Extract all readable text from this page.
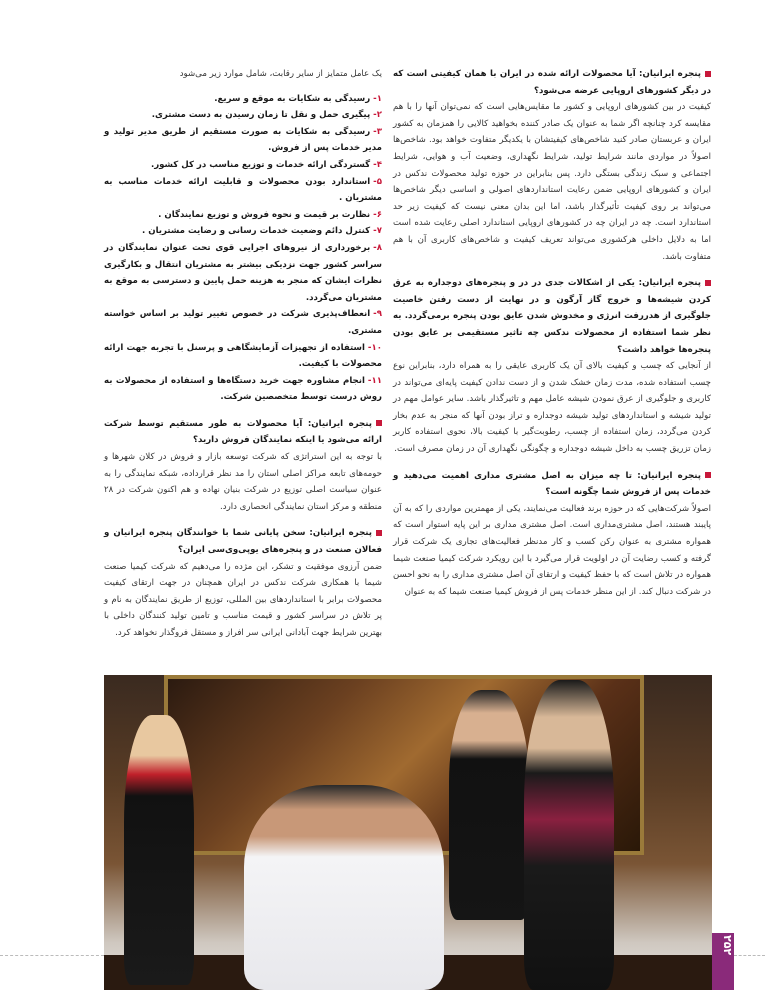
پنجره ایرانیان: آیا محصولات ارائه شده در ایران با همان کیفیتی است که در دیگر کشورهای اروپایی عرضه می‌شود؟

کیفیت در بین کشورهای اروپایی و کشور ما مقایس‌هایی است که نمی‌توان آنها را با هم مقایسه کرد چنانچه اگر شما به عنوان یک صادر کننده بخواهید کالایی را همزمان به کشور ایران و عربستان صادر کنید شاخص‌های کیفیتشان با یکدیگر متفاوت خواهد بود. شاخص‌ها اصولاً در مواردی مانند شرایط تولید، شرایط نگهداری، وضعیت آب و هوایی، شرایط اجتماعی و سبک زندگی بستگی دارد. پس بنابراین در حوزه تولید محصولات ندکس در ایران و کشورهای اروپایی ضمن رعایت استانداردهای اصولی و اساسی دیگر شاخص‌ها می‌تواند بر روی کیفیت تأثیرگذار باشد، اما این بدان معنی نیست که کیفیت زیر حد استاندارد است. چه در ایران چه در کشورهای اروپایی استاندارد اصلی رعایت شده است اما به دلایل داخلی هرکشوری می‌تواند تعریف کیفیت و شاخص‌های کاربری آن با هم متفاوت باشد.

پنجره ایرانیان: یکی از اشکالات جدی در در و پنجره‌های دوجداره به عرق کردن شیشه‌ها و خروج گاز آرگون و در نهایت از دست رفتن خاصیت جلوگیری از هدررفت انرژی و مخدوش شدن عایق بودن پنجره برمی‌گردد. به نظر شما استفاده از محصولات ندکس چه تاثیر مستقیمی بر عایق بودن پنجره‌ها خواهد داشت؟

از آنجایی که چسب و کیفیت بالای آن یک کاربری عایقی را به همراه دارد، بنابراین نوع چسب استفاده شده، مدت زمان خشک شدن و از دست ندادن کیفیت پایه‌ای می‌تواند در کاربری و جلوگیری از عرق نمودن شیشه عامل مهم و تاثیرگذار باشد. سایر عوامل مهم در تولید شیشه و استانداردهای تولید شیشه دوجداره و تراز بودن آنها که منجر به عدم بخار کردن می‌گردد، زمان استفاده از چسب، رطوبت‌گیر با کیفیت بالا، نحوی استفاده کاربر زمان تزریق چسب به داخل شیشه دوجداره و چگونگی نگهداری آن در زمان مصرف است.

پنجره ایرانیان: تا چه میزان به اصل مشتری مداری اهمیت می‌دهید و خدمات پس از فروش شما چگونه است؟

اصولاً شرکت‌هایی که در حوزه برند فعالیت می‌نمایند، یکی از مهمترین مواردی را که به آن پایبند هستند، اصل مشتری‌مداری است. اصل مشتری مداری بر این پایه استوار است که همواره مشتری به عنوان رکن کسب و کار مدنظر فعالیت‌های تجاری یک شرکت قرار گرفته و کسب رضایت آن در اولویت قرار می‌گیرد با این رویکرد شرکت کیمیا صنعت شیما همواره در تلاش است که با حفظ کیفیت و ارتقای آن اصل مشتری مداری را به نحو احسن در شرکت دنبال کند. از این منظر خدمات پس از فروش کیمیا صنعت شیما که به عنوان

یک عامل متمایز از سایر رقابت، شامل موارد زیر می‌شود

۱-رسیدگی به شکایات به موقع و سریع.
۲-پیگیری حمل و نقل تا زمان رسیدن به دست مشتری.
۳-رسیدگی به شکایات به صورت مستقیم از طریق مدیر تولید و مدیر خدمات پس از فروش.
۴-گستردگی ارائه خدمات و توزیع مناسب در کل کشور.
۵-استاندارد بودن محصولات و قابلیت ارائه خدمات مناسب به مشتریان .
۶-نظارت بر قیمت و نحوه فروش و توزیع نمایندگان .
۷-کنترل دائم وضعیت خدمات رسانی و رضایت مشتریان .
۸-برخورداری از نیروهای اجرایی قوی تحت عنوان نمایندگان در سراسر کشور جهت نزدیکی بیشتر به مشتریان انتقال و بکارگیری نظرات ایشان که منجر به هزینه حمل پایین و دسترسی به موقع به مشتریان می‌گردد.
۹-انعطاف‌پذیری شرکت در خصوص تغییر تولید بر اساس خواسته مشتری.
۱۰-استفاده از تجهیزات آزمایشگاهی و پرسنل با تجربه جهت ارائه محصولات با کیفیت.
۱۱-انجام مشاوره جهت خرید دستگاه‌ها و استفاده از محصولات به روش درست توسط متخصصین شرکت.

پنجره ایرانیان: آیا محصولات به طور مستقیم توسط شرکت ارائه می‌شود یا اینکه نمایندگان فروش دارید؟

با توجه به این استراتژی که شرکت توسعه بازار و فروش در کلان شهرها و حومه‌های تابعه مراکز اصلی استان را مد نظر قرارداده، شبکه نمایندگی را به عنوان سیاست اصلی توزیع در شرکت بنیان نهاده و هم اکنون شرکت در ۲۸ منطقه و مرکز استان نمایندگی انحصاری دارد.

پنجره ایرانیان: سخن پایانی شما با خوانندگان پنجره ایرانیان و فعالان صنعت در و پنجره‌های یوپی‌وی‌سی ایران؟

ضمن آرزوی موفقیت و تشکر، این مژده را می‌دهیم که شرکت کیمیا صنعت شیما با همکاری شرکت ندکس در ایران همچنان در جهت ارتقای کیفیت محصولات برابر با استانداردهای بین المللی، توزیع از طریق نمایندگان به نام و پر تلاش در سراسر کشور و قیمت مناسب و تامین تولید کنندگان داخلی با بهترین شرایط جهت آبادانی ایرانی سر افراز و مستقل فروگذار نخواهد کرد.

۲۵۲
